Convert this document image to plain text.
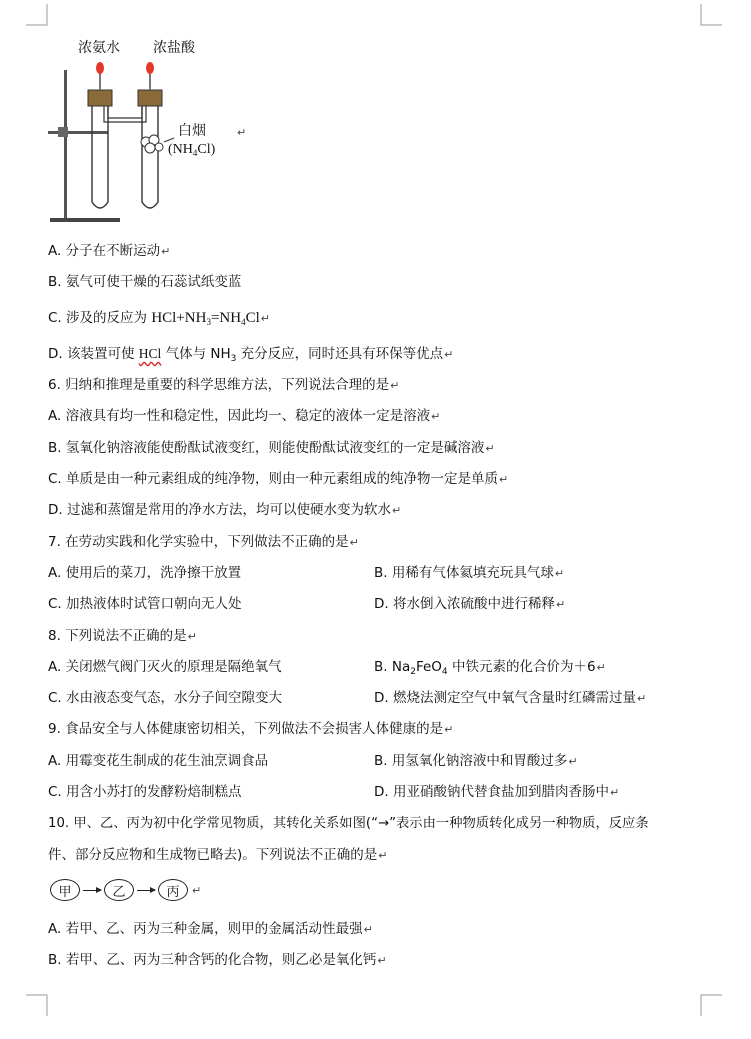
浓氨水 浓盐酸
白烟
$(NH_4Cl)$
↵
A. 分子在不断运动↵
B. 氨气可使干燥的石蕊试纸变蓝
C. 涉及的反应为 $HCl+NH_3=NH_4Cl↵$
D. 该装置可使 HCl 气体与 $NH_3$ 充分反应，同时还具有环保等优点↵
6. 归纳和推理是重要的科学思维方法，下列说法合理的是↵
A. 溶液具有均一性和稳定性，因此均一、稳定的液体一定是溶液↵
B. 氢氧化钠溶液能使酚酞试液变红，则能使酚酞试液变红的一定是碱溶液↵
C. 单质是由一种元素组成的纯净物，则由一种元素组成的纯净物一定是单质↵
D. 过滤和蒸馏是常用的净水方法，均可以使硬水变为软水↵
7. 在劳动实践和化学实验中，下列做法不正确的是↵
A. 使用后的菜刀，洗净擦干放置	B. 用稀有气体氦填充玩具气球↵
C. 加热液体时试管口朝向无人处	D. 将水倒入浓硫酸中进行稀释↵
8. 下列说法不正确的是↵
A. 关闭燃气阀门灭火的原理是隔绝氧气	B. $Na_2FeO_4$ 中铁元素的化合价为＋6↵
C. 水由液态变气态，水分子间空隙变大	D. 燃烧法测定空气中氧气含量时红磷需过量↵
9. 食品安全与人体健康密切相关，下列做法不会损害人体健康的是↵
A. 用霉变花生制成的花生油烹调食品	B. 用氢氧化钠溶液中和胃酸过多↵
C. 用含小苏打的发酵粉焙制糕点	D. 用亚硝酸钠代替食盐加到腊肉香肠中↵
10. 甲、乙、丙为初中化学常见物质，其转化关系如图(“→”表示由一种物质转化成另一种物质，反应条
件、部分反应物和生成物已略去)。下列说法不正确的是↵
甲	乙	丙	↵
A. 若甲、乙、丙为三种金属，则甲的金属活动性最强↵
B. 若甲、乙、丙为三种含钙的化合物，则乙必是氧化钙↵
